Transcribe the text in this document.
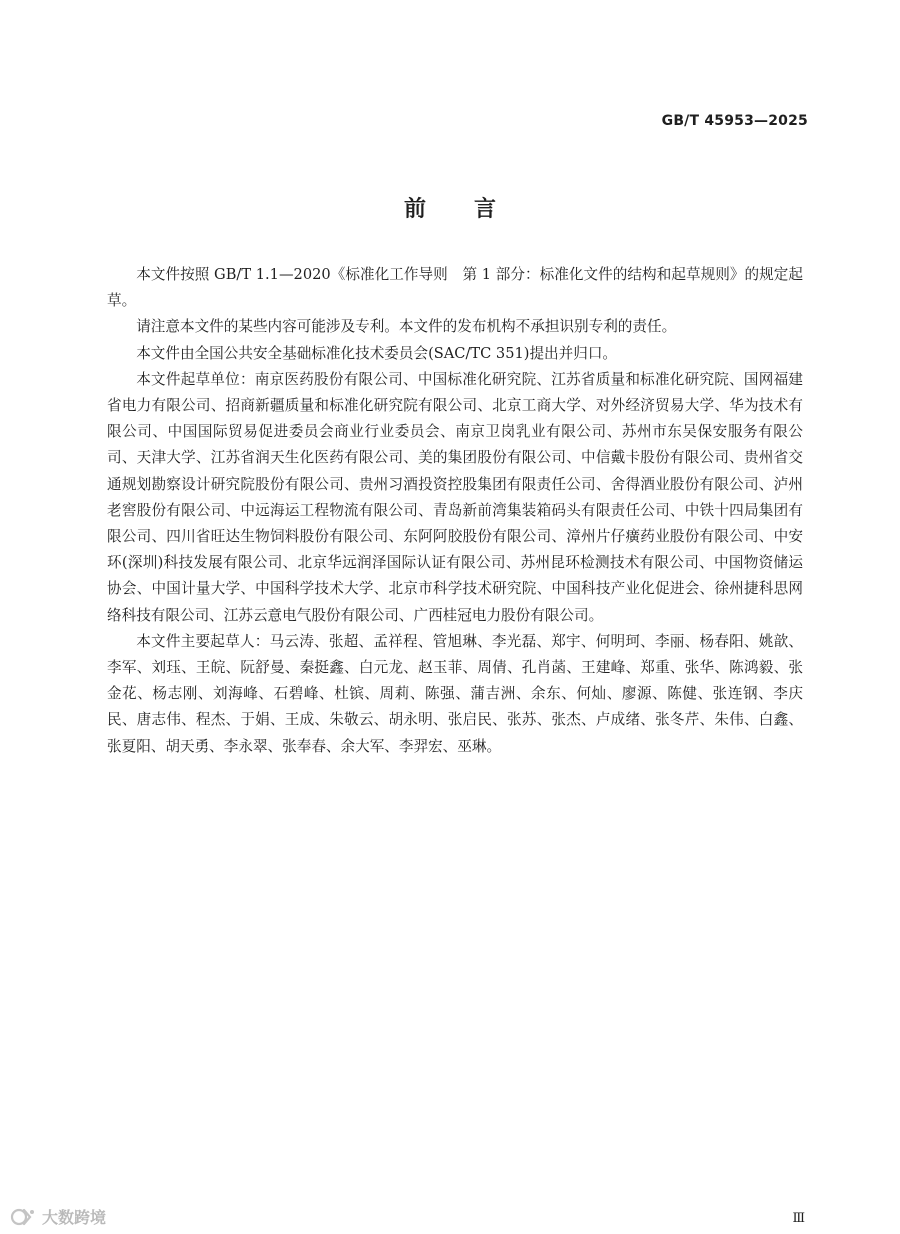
GB/T 45953—2025
前言

本文件按照 GB/T 1.1—2020《标准化工作导则　第 1 部分：标准化文件的结构和起草规则》的规定起草。

请注意本文件的某些内容可能涉及专利。本文件的发布机构不承担识别专利的责任。

本文件由全国公共安全基础标准化技术委员会(SAC/TC 351)提出并归口。

本文件起草单位：南京医药股份有限公司、中国标准化研究院、江苏省质量和标准化研究院、国网福建省电力有限公司、招商新疆质量和标准化研究院有限公司、北京工商大学、对外经济贸易大学、华为技术有限公司、中国国际贸易促进委员会商业行业委员会、南京卫岗乳业有限公司、苏州市东吴保安服务有限公司、天津大学、江苏省润天生化医药有限公司、美的集团股份有限公司、中信戴卡股份有限公司、贵州省交通规划勘察设计研究院股份有限公司、贵州习酒投资控股集团有限责任公司、舍得酒业股份有限公司、泸州老窖股份有限公司、中远海运工程物流有限公司、青岛新前湾集装箱码头有限责任公司、中铁十四局集团有限公司、四川省旺达生物饲料股份有限公司、东阿阿胶股份有限公司、漳州片仔癀药业股份有限公司、中安环(深圳)科技发展有限公司、北京华远润泽国际认证有限公司、苏州昆环检测技术有限公司、中国物资储运协会、中国计量大学、中国科学技术大学、北京市科学技术研究院、中国科技产业化促进会、徐州捷科思网络科技有限公司、江苏云意电气股份有限公司、广西桂冠电力股份有限公司。

本文件主要起草人：马云涛、张超、孟祥程、管旭琳、李光磊、郑宇、何明珂、李丽、杨春阳、姚歆、李军、刘珏、王皖、阮舒曼、秦挺鑫、白元龙、赵玉菲、周倩、孔肖菡、王建峰、郑重、张华、陈鸿毅、张金花、杨志刚、刘海峰、石碧峰、杜镔、周莉、陈强、蒲吉洲、余东、何灿、廖源、陈健、张连钢、李庆民、唐志伟、程杰、于娟、王成、朱敬云、胡永明、张启民、张苏、张杰、卢成绪、张冬芹、朱伟、白鑫、张夏阳、胡天勇、李永翠、张奉春、余大军、李羿宏、巫琳。

大数跨境	Ⅲ
